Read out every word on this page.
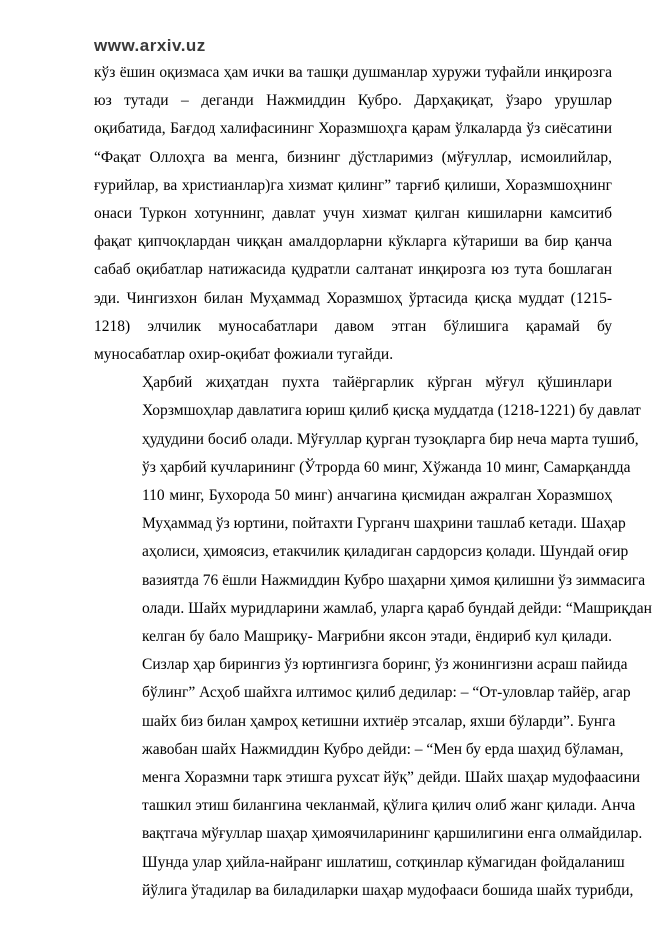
www.arxiv.uz

кўз ёшин оқизмаса ҳам ички ва ташқи душманлар хуружи туфайли инқирозга
юз тутади – деганди Нажмиддин Кубро. Дарҳақиқат, ўзаро урушлар
оқибатида, Бағдод халифасининг Хоразмшоҳга қарам ўлкаларда ўз сиёсатини
“Фақат Оллоҳга ва менга, бизнинг дўстларимиз (мўғуллар, исмоилийлар,
ғурийлар, ва христианлар)га хизмат қилинг” тарғиб қилиши, Хоразмшоҳнинг
онаси Туркон хотуннинг, давлат учун хизмат қилган кишиларни камситиб
фақат қипчоқлардан чиққан амалдорларни кўкларга кўтариши ва бир қанча
сабаб оқибатлар натижасида қудратли салтанат инқирозга юз тута бошлаган
эди. Чингизхон билан Муҳаммад Хоразмшоҳ ўртасида қисқа муддат (1215-
1218) элчилик муносабатлари давом этган бўлишига қарамай бу
муносабатлар охир-оқибат фожиали тугайди.

Ҳарбий жиҳатдан пухта тайёргарлик кўрган мўғул қўшинлари
Хорзмшоҳлар давлатига юриш қилиб қисқа муддатда (1218-1221) бу давлат
ҳудудини босиб олади. Мўғуллар қурган тузоқларга бир неча марта тушиб,
ўз ҳарбий кучларининг (Ўтрорда 60 минг, Хўжанда 10 минг, Самарқандда
110 минг, Бухорода 50 минг) анчагина қисмидан ажралган Хоразмшоҳ
Муҳаммад ўз юртини, пойтахти Гурганч шаҳрини ташлаб кетади. Шаҳар
аҳолиси, ҳимоясиз, етакчилик қиладиган сардорсиз қолади. Шундай оғир
вазиятда 76 ёшли Нажмиддин Кубро шаҳарни ҳимоя қилишни ўз зиммасига
олади. Шайх муридларини жамлаб, уларга қараб бундай дейди: “Машриқдан
келган бу бало Машриқу- Мағрибни яксон этади, ёндириб кул қилади.
Сизлар ҳар бирингиз ўз юртингизга боринг, ўз жонингизни асраш пайида
бўлинг” Асҳоб шайхга илтимос қилиб дедилар: – “От-уловлар тайёр, агар
шайх биз билан ҳамроҳ кетишни ихтиёр этсалар, яхши бўларди”. Бунга
жавобан шайх Нажмиддин Кубро дейди: – “Мен бу ерда шаҳид бўламан,
менга Хоразмни тарк этишга рухсат йўқ” дейди. Шайх шаҳар мудофаасини
ташкил этиш билангина чекланмай, қўлига қилич олиб жанг қилади. Анча
вақтгача мўғуллар шаҳар ҳимоячиларининг қаршилигини енга олмайдилар.
Шунда улар ҳийла-найранг ишлатиш, сотқинлар кўмагидан фойдаланиш
йўлига ўтадилар ва биладиларки шаҳар мудофааси бошида шайх турибди,
